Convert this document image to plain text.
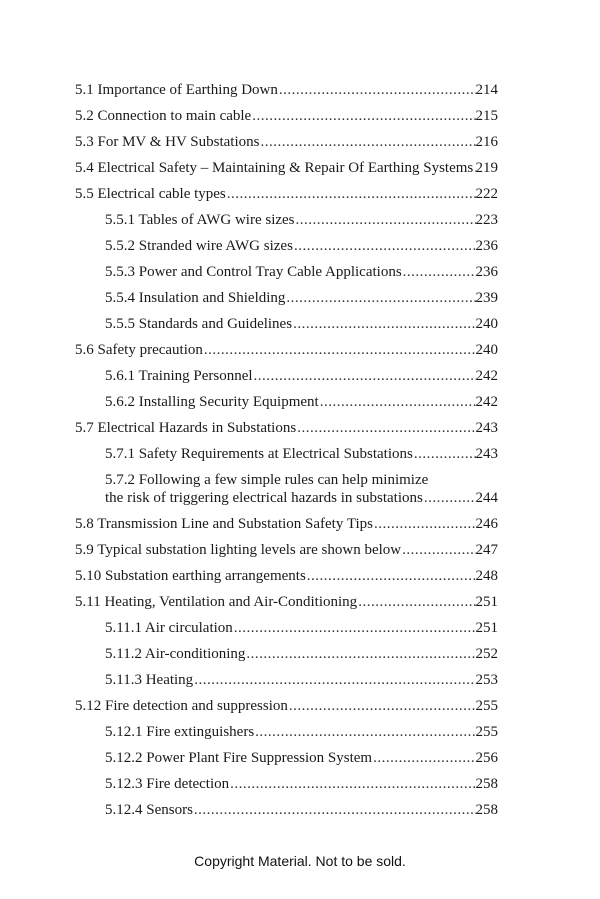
5.1 Importance of Earthing Down .....	214
5.2 Connection to main cable .....	215
5.3 For MV & HV Substations .....	216
5.4 Electrical Safety – Maintaining & Repair Of Earthing Systems ..... 219
5.5 Electrical cable types .....	222
5.5.1 Tables of AWG wire sizes .....	223
5.5.2 Stranded wire AWG sizes .....	236
5.5.3 Power and Control Tray Cable Applications .....	236
5.5.4 Insulation and Shielding .....	239
5.5.5 Standards and Guidelines .....	240
5.6 Safety precaution .....	240
5.6.1 Training Personnel .....	242
5.6.2 Installing Security Equipment .....	242
5.7 Electrical Hazards in Substations .....	243
5.7.1 Safety Requirements at Electrical Substations .....	243
5.7.2 Following a few simple rules can help minimize
the risk of triggering electrical hazards in substations .....	244
5.8 Transmission Line and Substation Safety Tips .....	246
5.9 Typical substation lighting levels are shown below .....	247
5.10 Substation earthing arrangements .....	248
5.11 Heating, Ventilation and Air-Conditioning .....	251
5.11.1 Air circulation .....	251
5.11.2 Air-conditioning .....	252
5.11.3 Heating .....	253
5.12 Fire detection and suppression .....	255
5.12.1 Fire extinguishers .....	255
5.12.2 Power Plant Fire Suppression System .....	256
5.12.3 Fire detection .....	258
5.12.4 Sensors .....	258
Copyright Material. Not to be sold.
